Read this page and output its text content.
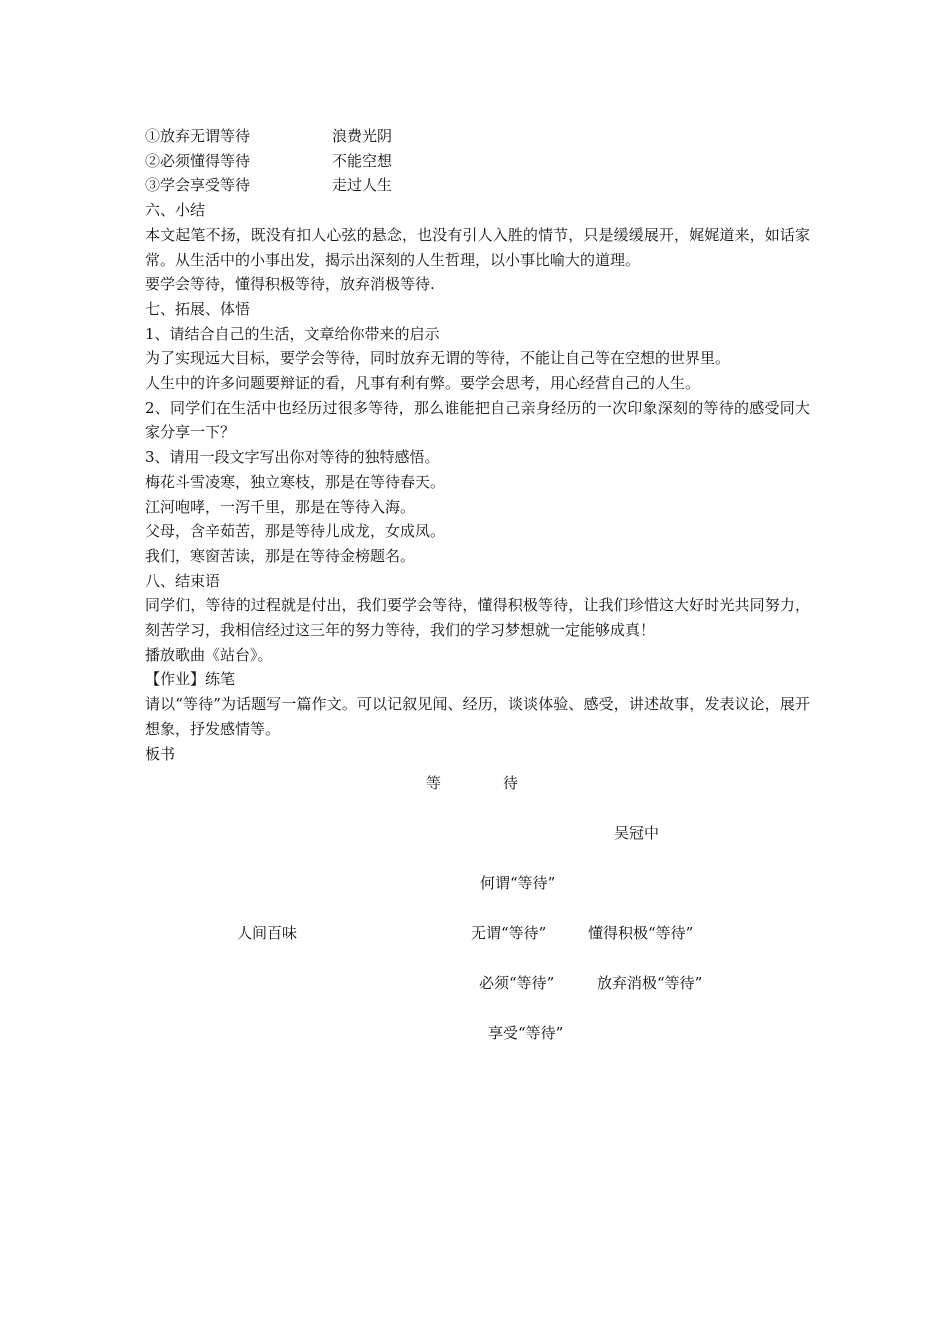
①放弃无谓等待	浪费光阴
②必须懂得等待	不能空想
③学会享受等待	走过人生
六、小结
本文起笔不扬，既没有扣人心弦的悬念，也没有引人入胜的情节，只是缓缓展开，娓娓道来，如话家常。从生活中的小事出发，揭示出深刻的人生哲理，以小事比喻大的道理。
要学会等待，懂得积极等待，放弃消极等待.
七、拓展、体悟
1、请结合自己的生活，文章给你带来的启示
为了实现远大目标，要学会等待，同时放弃无谓的等待，不能让自己等在空想的世界里。
人生中的许多问题要辩证的看，凡事有利有弊。要学会思考，用心经营自己的人生。
2、同学们在生活中也经历过很多等待，那么谁能把自己亲身经历的一次印象深刻的等待的感受同大家分享一下？
3、请用一段文字写出你对等待的独特感悟。
梅花斗雪凌寒，独立寒枝，那是在等待春天。
江河咆哮，一泻千里，那是在等待入海。
父母，含辛茹苦，那是等待儿成龙，女成凤。
我们，寒窗苦读，那是在等待金榜题名。
八、结束语
同学们，等待的过程就是付出，我们要学会等待，懂得积极等待，让我们珍惜这大好时光共同努力，刻苦学习，我相信经过这三年的努力等待，我们的学习梦想就一定能够成真！
播放歌曲《站台》。
【作业】练笔
请以“等待”为话题写一篇作文。可以记叙见闻、经历，谈谈体验、感受，讲述故事，发表议论，展开想象，抒发感情等。
板书
等	待
吴冠中
何谓“等待”
人间百味	无谓“等待”	懂得积极“等待”
必须“等待”	放弃消极“等待”
享受“等待”
